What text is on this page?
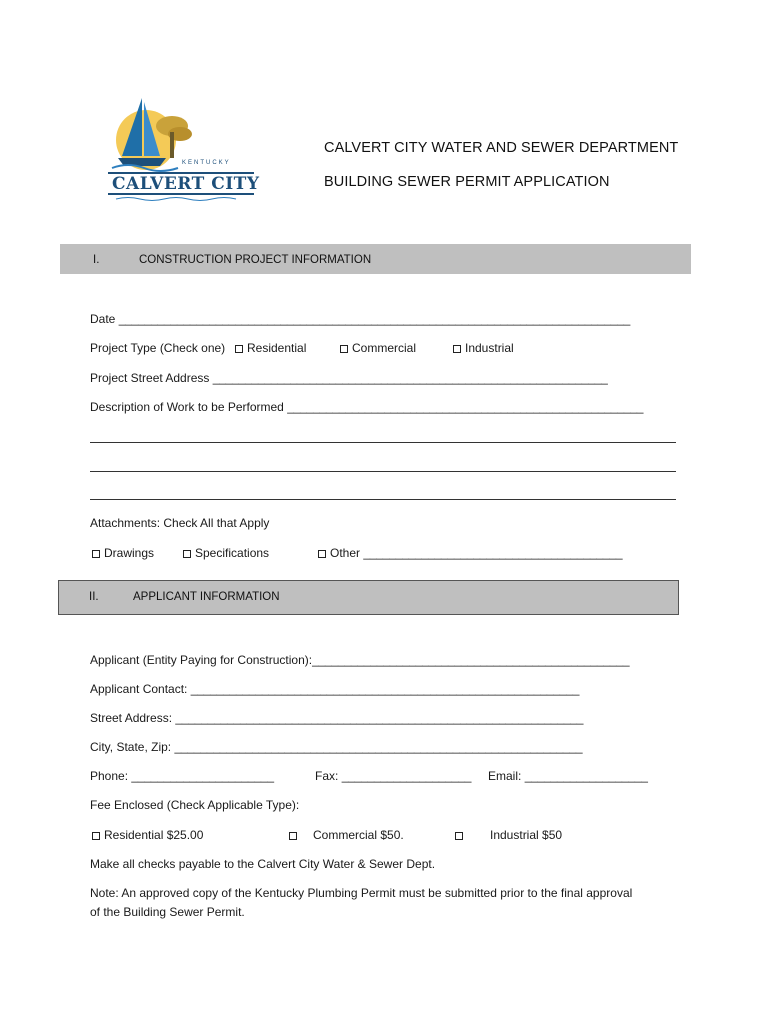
KENTUCKY
CALVERT CITY
CALVERT CITY WATER AND SEWER DEPARTMENT
BUILDING SEWER PERMIT APPLICATION
I.	CONSTRUCTION PROJECT INFORMATION
Date _______________________________________________________________________________
Project Type (Check one)	Residential	Commercial	Industrial
Project Street Address _____________________________________________________________
Description of Work to be Performed _______________________________________________________
Attachments: Check All that Apply
Drawings	Specifications	Other ________________________________________
II.	APPLICANT INFORMATION
Applicant (Entity Paying for Construction):_________________________________________________
Applicant Contact: ____________________________________________________________
Street Address: _______________________________________________________________
City, State, Zip: _______________________________________________________________
Phone: ______________________	Fax: ____________________ Email: ___________________
Fee Enclosed (Check Applicable Type):
Residential $25.00	Commercial $50.	Industrial $50
Make all checks payable to the Calvert City Water & Sewer Dept.
Note: An approved copy of the Kentucky Plumbing Permit must be submitted prior to the final approval
of the Building Sewer Permit.
